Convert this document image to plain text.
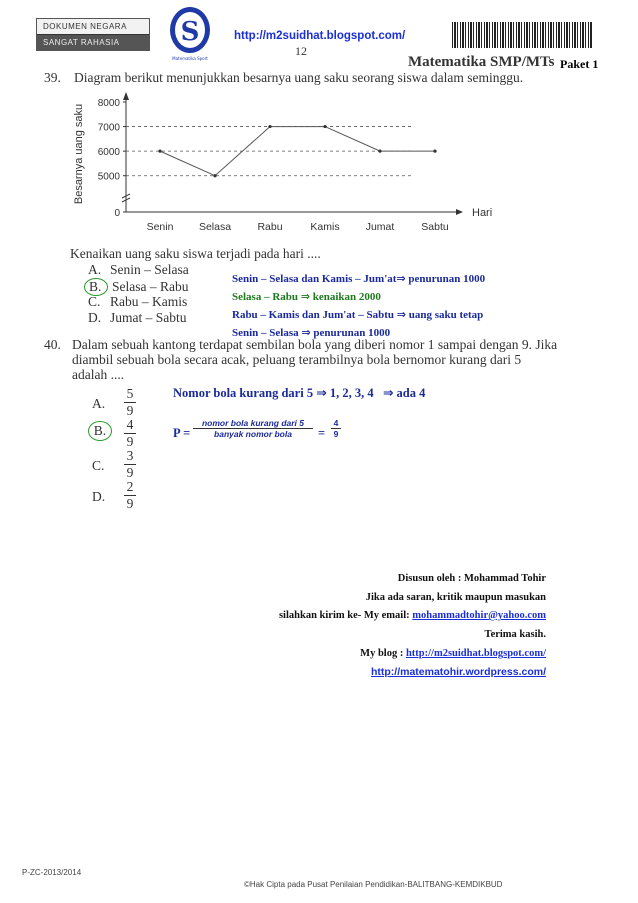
DOKUMEN NEGARA
SANGAT RAHASIA	S
Matematika Sport
http://m2suidhat.blogspot.com/
12
Matematika SMP/MTs Paket 1
39. Diagram berikut menunjukkan besarnya uang saku seorang siswa dalam seminggu.
0
5000
6000
7000
8000
Besarnya uang saku
Hari
Senin Selasa	Rabu	Kamis Jumat	Sabtu
Kenaikan uang saku siswa terjadi pada hari ....
A. Senin – Selasa
B. Selasa – Rabu
C. Rabu – Kamis
D. Jumat – Sabtu
Senin – Selasa dan Kamis – Jum'at⇒ penurunan 1000
Selasa – Rabu ⇒ kenaikan 2000
Rabu – Kamis dan Jum'at – Sabtu ⇒ uang saku tetap
Senin – Selasa ⇒ penurunan 1000
40. Dalam sebuah kantong terdapat sembilan bola yang diberi nomor 1 sampai dengan 9. Jika
diambil sebuah bola secara acak, peluang terambilnya bola bernomor kurang dari 5
adalah ....
A. $\frac{5}{9}$
B.	$\frac{4}{9}$
C. $\frac{3}{9}$
D. $\frac{2}{9}$
Nomor bola kurang dari 5 ⇒ 1, 2, 3, 4 ⇒ ada 4
P =
nomor bola kurang dari 5
banyak nomor bola	= $\frac{4}{9}$
Disusun oleh : Mohammad Tohir
Jika ada saran, kritik maupun masukan
silahkan kirim ke- My email: mohammadtohir@yahoo.com
Terima kasih.
My blog : http://m2suidhat.blogspot.com/
http://matematohir.wordpress.com/
P-ZC-2013/2014
©Hak Cipta pada Pusat Penilaian Pendidikan-BALITBANG-KEMDIKBUD
